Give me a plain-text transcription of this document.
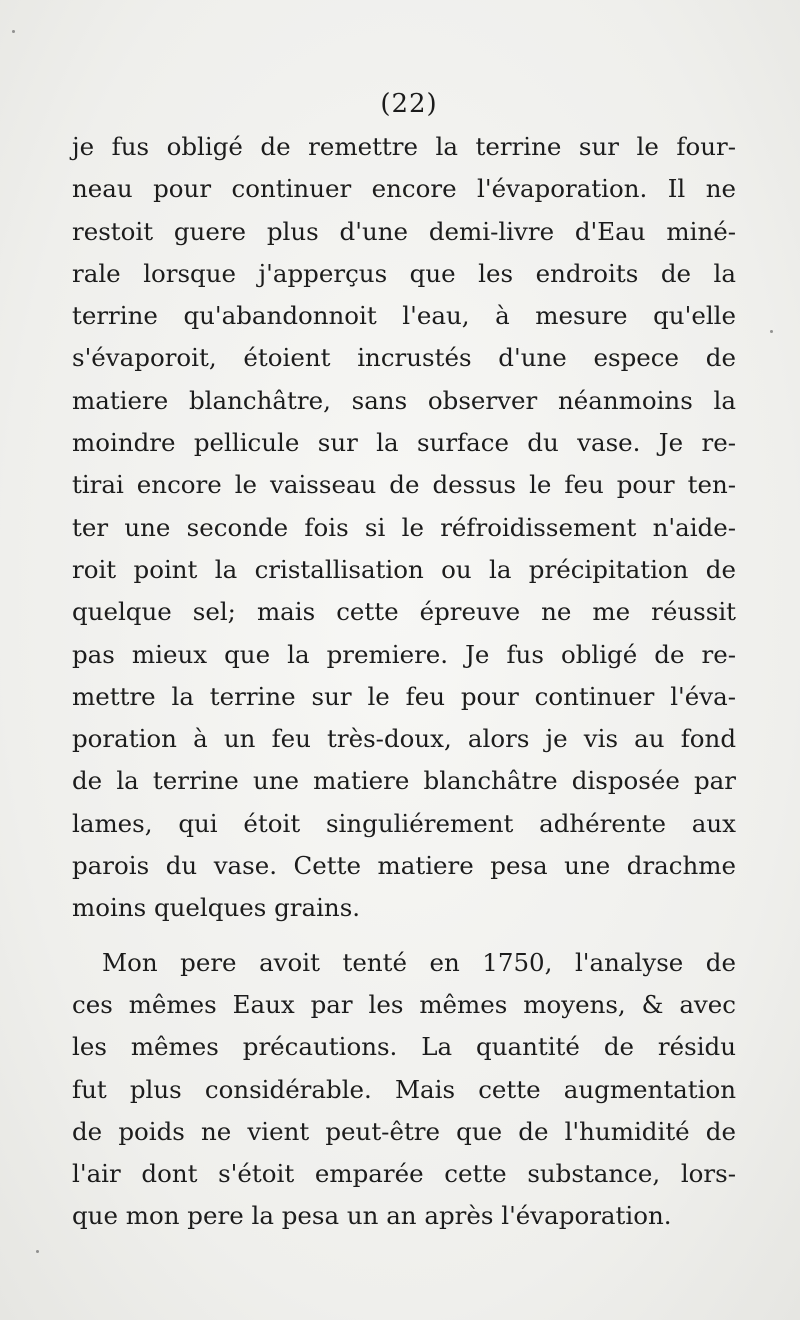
(22)
je fus obligé de remettre la terrine sur le four-
neau pour continuer encore l'évaporation. Il ne
restoit guere plus d'une demi-livre d'Eau miné-
rale lorsque j'apperçus que les endroits de la
terrine qu'abandonnoit l'eau, à mesure qu'elle
s'évaporoit, étoient incrustés d'une espece de
matiere blanchâtre, sans observer néanmoins la
moindre pellicule sur la surface du vase. Je re-
tirai encore le vaisseau de dessus le feu pour ten-
ter une seconde fois si le réfroidissement n'aide-
roit point la cristallisation ou la précipitation de
quelque sel; mais cette épreuve ne me réussit
pas mieux que la premiere. Je fus obligé de re-
mettre la terrine sur le feu pour continuer l'éva-
poration à un feu très-doux, alors je vis au fond
de la terrine une matiere blanchâtre disposée par
lames, qui étoit singuliérement adhérente aux
parois du vase. Cette matiere pesa une drachme
moins quelques grains.
Mon pere avoit tenté en 1750, l'analyse de
ces mêmes Eaux par les mêmes moyens, & avec
les mêmes précautions. La quantité de résidu
fut plus considérable. Mais cette augmentation
de poids ne vient peut-être que de l'humidité de
l'air dont s'étoit emparée cette substance, lors-
que mon pere la pesa un an après l'évaporation.
